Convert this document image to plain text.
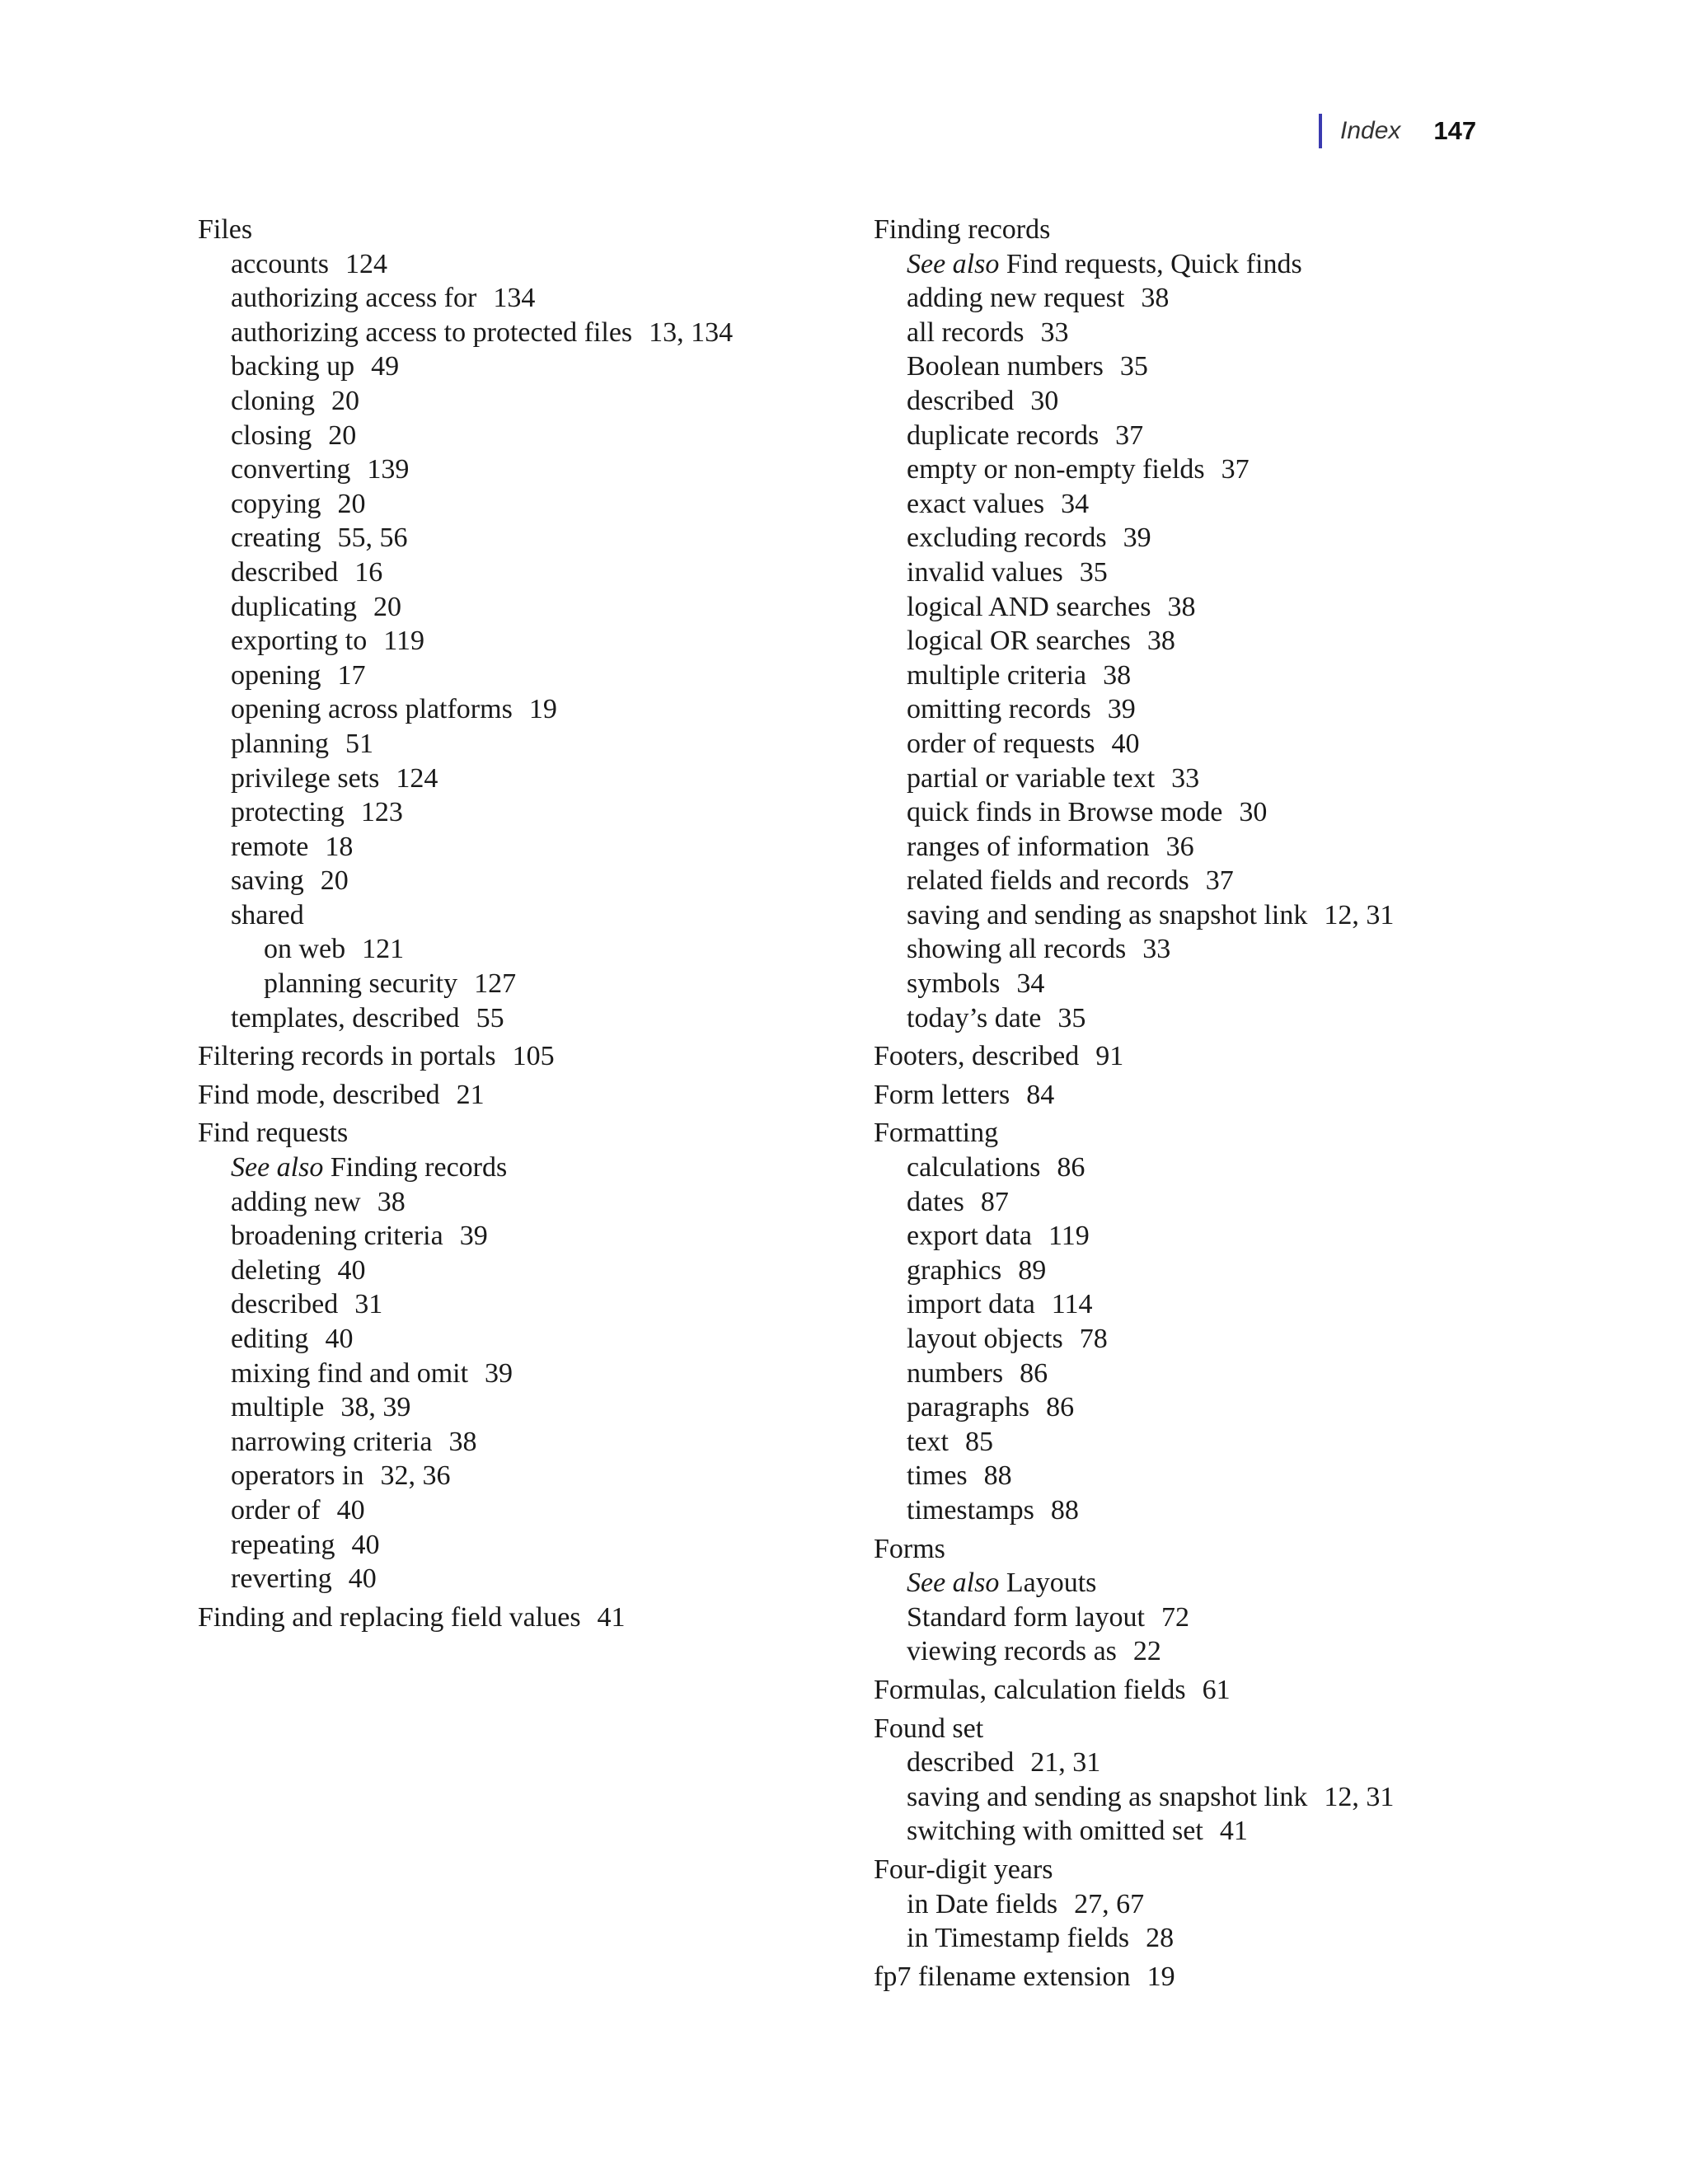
Index 147
Files
accounts 124
authorizing access for 134
authorizing access to protected files 13, 134
backing up 49
cloning 20
closing 20
converting 139
copying 20
creating 55, 56
described 16
duplicating 20
exporting to 119
opening 17
opening across platforms 19
planning 51
privilege sets 124
protecting 123
remote 18
saving 20
shared
on web 121
planning security 127
templates, described 55
Filtering records in portals 105
Find mode, described 21
Find requests
See also Finding records
adding new 38
broadening criteria 39
deleting 40
described 31
editing 40
mixing find and omit 39
multiple 38, 39
narrowing criteria 38
operators in 32, 36
order of 40
repeating 40
reverting 40
Finding and replacing field values 41
Finding records
See also Find requests, Quick finds
adding new request 38
all records 33
Boolean numbers 35
described 30
duplicate records 37
empty or non-empty fields 37
exact values 34
excluding records 39
invalid values 35
logical AND searches 38
logical OR searches 38
multiple criteria 38
omitting records 39
order of requests 40
partial or variable text 33
quick finds in Browse mode 30
ranges of information 36
related fields and records 37
saving and sending as snapshot link 12, 31
showing all records 33
symbols 34
today’s date 35
Footers, described 91
Form letters 84
Formatting
calculations 86
dates 87
export data 119
graphics 89
import data 114
layout objects 78
numbers 86
paragraphs 86
text 85
times 88
timestamps 88
Forms
See also Layouts
Standard form layout 72
viewing records as 22
Formulas, calculation fields 61
Found set
described 21, 31
saving and sending as snapshot link 12, 31
switching with omitted set 41
Four-digit years
in Date fields 27, 67
in Timestamp fields 28
fp7 filename extension 19
